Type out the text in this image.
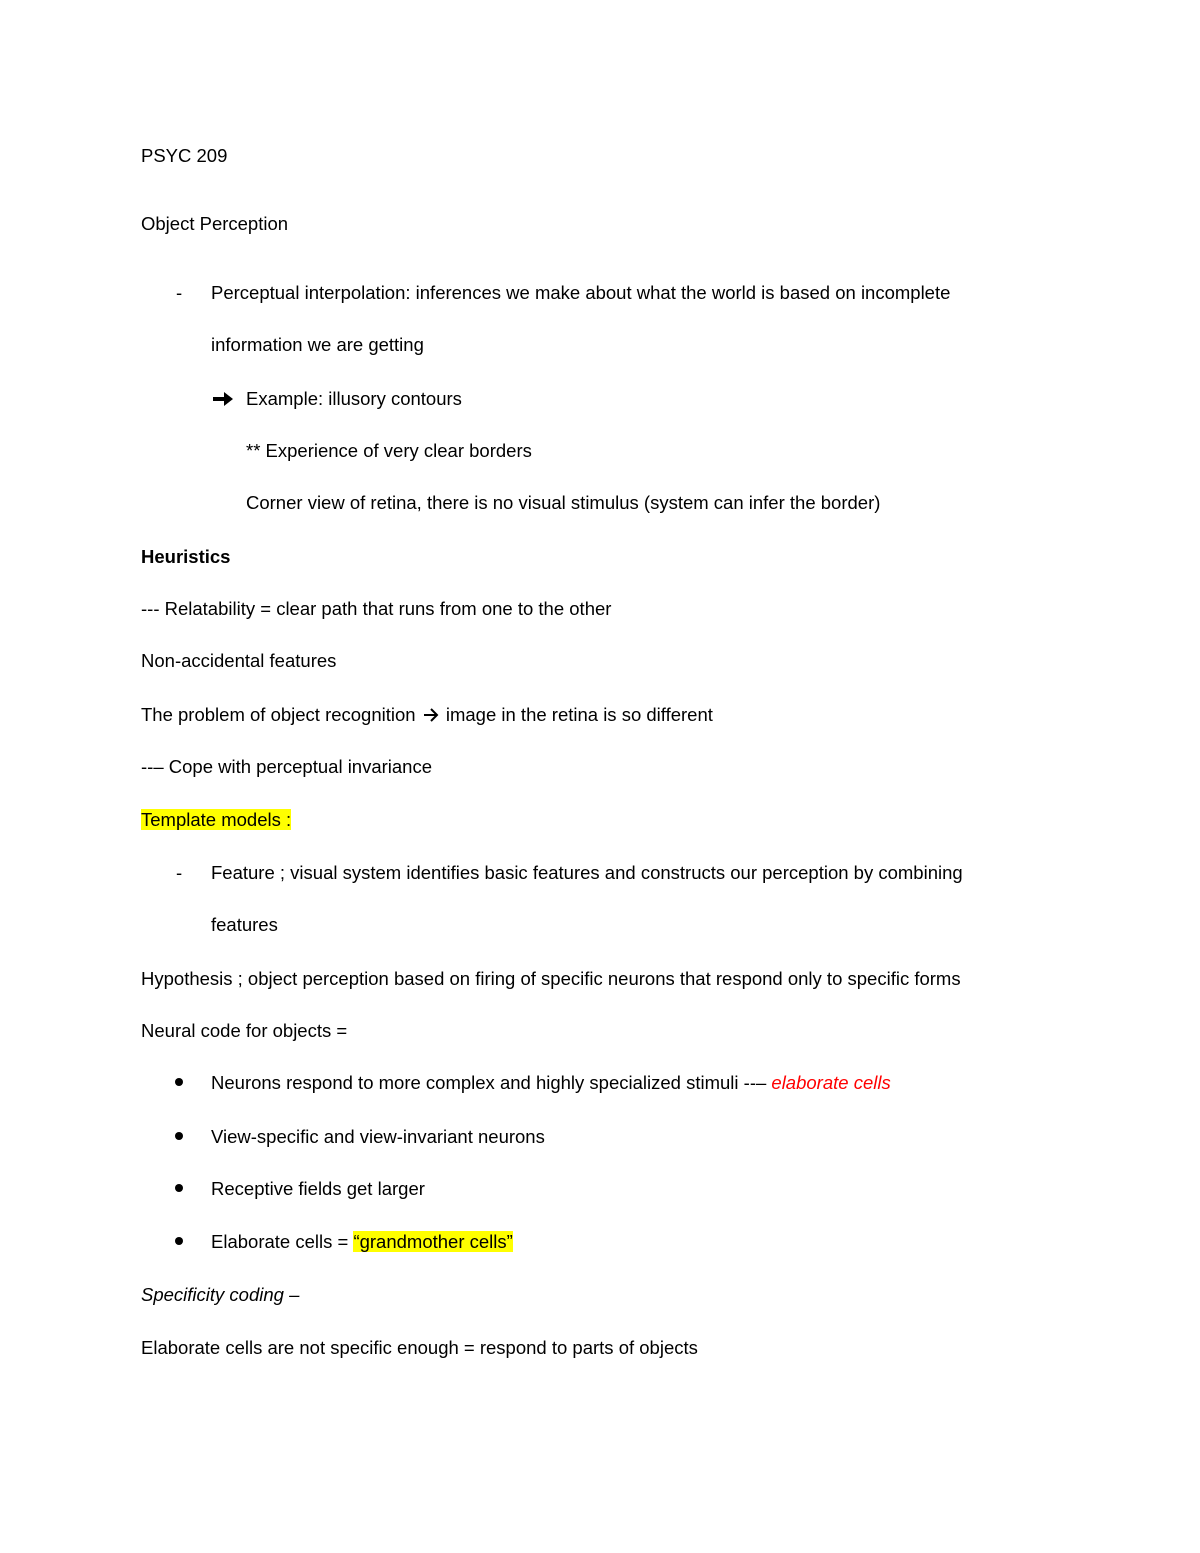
PSYC 209
Object Perception
- Perceptual interpolation: inferences we make about what the world is based on incomplete
information we are getting
Example: illusory contours
** Experience of very clear borders
Corner view of retina, there is no visual stimulus (system can infer the border)
Heuristics
--- Relatability = clear path that runs from one to the other
Non-accidental features
The problem of object recognition image in the retina is so different
--– Cope with perceptual invariance
Template models :
- Feature ; visual system identifies basic features and constructs our perception by combining
features
Hypothesis ; object perception based on firing of specific neurons that respond only to specific forms
Neural code for objects =
Neurons respond to more complex and highly specialized stimuli --– elaborate cells
View-specific and view-invariant neurons
Receptive fields get larger
Elaborate cells = “grandmother cells”
Specificity coding –
Elaborate cells are not specific enough = respond to parts of objects
